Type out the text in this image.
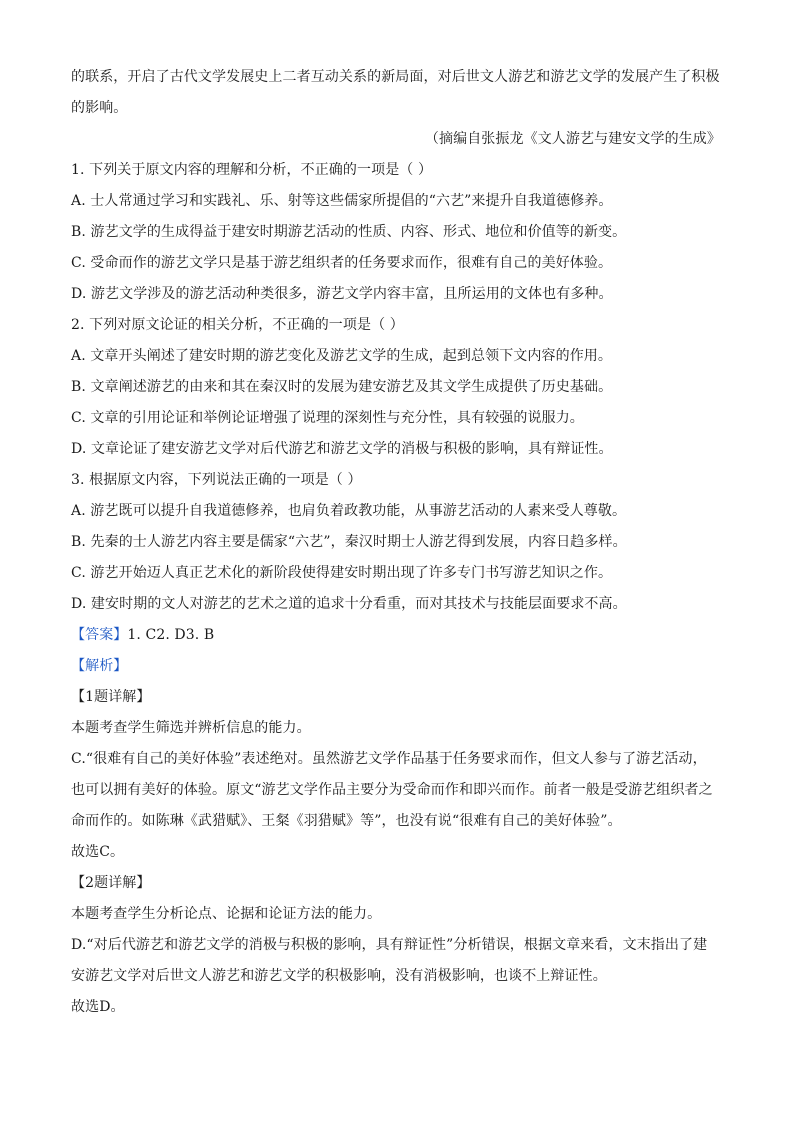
的联系，开启了古代文学发展史上二者互动关系的新局面，对后世文人游艺和游艺文学的发展产生了积极
的影响。
（摘编自张振龙《文人游艺与建安文学的生成》
1. 下列关于原文内容的理解和分析，不正确的一项是（ ）
A. 士人常通过学习和实践礼、乐、射等这些儒家所提倡的“六艺”来提升自我道德修养。
B. 游艺文学的生成得益于建安时期游艺活动的性质、内容、形式、地位和价值等的新变。
C. 受命而作的游艺文学只是基于游艺组织者的任务要求而作，很难有自己的美好体验。
D. 游艺文学涉及的游艺活动种类很多，游艺文学内容丰富，且所运用的文体也有多种。
2. 下列对原文论证的相关分析，不正确的一项是（ ）
A. 文章开头阐述了建安时期的游艺变化及游艺文学的生成，起到总领下文内容的作用。
B. 文章阐述游艺的由来和其在秦汉时的发展为建安游艺及其文学生成提供了历史基础。
C. 文章的引用论证和举例论证增强了说理的深刻性与充分性，具有较强的说服力。
D. 文章论证了建安游艺文学对后代游艺和游艺文学的消极与积极的影响，具有辩证性。
3. 根据原文内容，下列说法正确的一项是（ ）
A. 游艺既可以提升自我道德修养，也肩负着政教功能，从事游艺活动的人素来受人尊敬。
B. 先秦的士人游艺内容主要是儒家“六艺”，秦汉时期士人游艺得到发展，内容日趋多样。
C. 游艺开始迈人真正艺术化的新阶段使得建安时期出现了许多专门书写游艺知识之作。
D. 建安时期的文人对游艺的艺术之道的追求十分看重，而对其技术与技能层面要求不高。
【答案】1. C2. D3. B
【解析】
【1题详解】
本题考查学生筛选并辨析信息的能力。
C.“很难有自己的美好体验”表述绝对。虽然游艺文学作品基于任务要求而作，但文人参与了游艺活动，
也可以拥有美好的体验。原文“游艺文学作品主要分为受命而作和即兴而作。前者一般是受游艺组织者之
命而作的。如陈琳《武猎赋》、王粲《羽猎赋》等”，也没有说“很难有自己的美好体验”。
故选C。
【2题详解】
本题考查学生分析论点、论据和论证方法的能力。
D.“对后代游艺和游艺文学的消极与积极的影响，具有辩证性”分析错误，根据文章来看，文末指出了建
安游艺文学对后世文人游艺和游艺文学的积极影响，没有消极影响，也谈不上辩证性。
故选D。
